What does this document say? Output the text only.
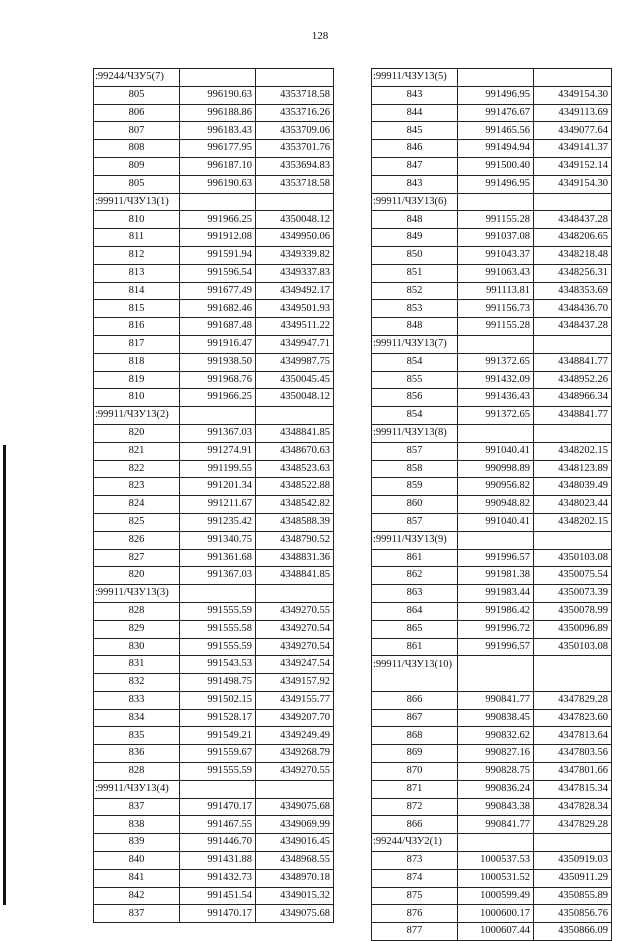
128
:99244/ЧЗУ5(7)		
805	996190.63	4353718.58
806	996188.86	4353716.26
807	996183.43	4353709.06
808	996177.95	4353701.76
809	996187.10	4353694.83
805	996190.63	4353718.58
:99911/ЧЗУ13(1)		
810	991966.25	4350048.12
811	991912.08	4349950.06
812	991591.94	4349339.82
813	991596.54	4349337.83
814	991677.49	4349492.17
815	991682.46	4349501.93
816	991687.48	4349511.22
817	991916.47	4349947.71
818	991938.50	4349987.75
819	991968.76	4350045.45
810	991966.25	4350048.12
:99911/ЧЗУ13(2)		
820	991367.03	4348841.85
821	991274.91	4348670.63
822	991199.55	4348523.63
823	991201.34	4348522.88
824	991211.67	4348542.82
825	991235.42	4348588.39
826	991340.75	4348790.52
827	991361.68	4348831.36
820	991367.03	4348841.85
:99911/ЧЗУ13(3)		
828	991555.59	4349270.55
829	991555.58	4349270.54
830	991555.59	4349270.54
831	991543.53	4349247.54
832	991498.75	4349157.92
833	991502.15	4349155.77
834	991528.17	4349207.70
835	991549.21	4349249.49
836	991559.67	4349268.79
828	991555.59	4349270.55
:99911/ЧЗУ13(4)		
837	991470.17	4349075.68
838	991467.55	4349069.99
839	991446.70	4349016.45
840	991431.88	4348968.55
841	991432.73	4348970.18
842	991451.54	4349015.32
837	991470.17	4349075.68
:99911/ЧЗУ13(5)		
843	991496.95	4349154.30
844	991476.67	4349113.69
845	991465.56	4349077.64
846	991494.94	4349141.37
847	991500.40	4349152.14
843	991496.95	4349154.30
:99911/ЧЗУ13(6)		
848	991155.28	4348437.28
849	991037.08	4348206.65
850	991043.37	4348218.48
851	991063.43	4348256.31
852	991113.81	4348353.69
853	991156.73	4348436.70
848	991155.28	4348437.28
:99911/ЧЗУ13(7)		
854	991372.65	4348841.77
855	991432.09	4348952.26
856	991436.43	4348966.34
854	991372.65	4348841.77
:99911/ЧЗУ13(8)		
857	991040.41	4348202.15
858	990998.89	4348123.89
859	990956.82	4348039.49
860	990948.82	4348023.44
857	991040.41	4348202.15
:99911/ЧЗУ13(9)		
861	991996.57	4350103.08
862	991981.38	4350075.54
863	991983.44	4350073.39
864	991986.42	4350078.99
865	991996.72	4350096.89
861	991996.57	4350103.08
:99911/ЧЗУ13(10)		
866	990841.77	4347829.28
867	990838.45	4347823.60
868	990832.62	4347813.64
869	990827.16	4347803.56
870	990828.75	4347801.66
871	990836.24	4347815.34
872	990843.38	4347828.34
866	990841.77	4347829.28
:99244/ЧЗУ2(1)		
873	1000537.53	4350919.03
874	1000531.52	4350911.29
875	1000599.49	4350855.89
876	1000600.17	4350856.76
877	1000607.44	4350866.09
